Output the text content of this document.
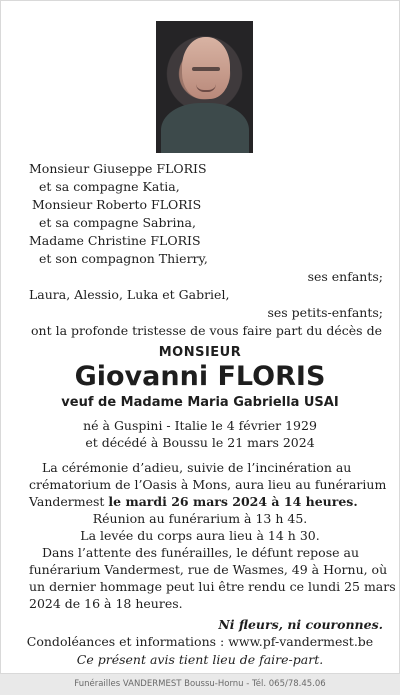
Monsieur Giuseppe FLORIS
et sa compagne Katia,
Monsieur Roberto FLORIS
et sa compagne Sabrina,
Madame Christine FLORIS
et son compagnon Thierry,
ses enfants;
Laura, Alessio, Luka et Gabriel,
ses petits-enfants;
ont la profonde tristesse de vous faire part du décès de
MONSIEUR
Giovanni FLORIS
veuf de Madame Maria Gabriella USAI
né à Guspini - Italie le 4 février 1929
et décédé à Boussu le 21 mars 2024
La cérémonie d’adieu, suivie de l’incinération au
crématorium de l’Oasis à Mons, aura lieu au funérarium
Vandermest le mardi 26 mars 2024 à 14 heures.
Réunion au funérarium à 13 h 45.
La levée du corps aura lieu à 14 h 30.
Dans l’attente des funérailles, le défunt repose au
funérarium Vandermest, rue de Wasmes, 49 à Hornu, où
un dernier hommage peut lui être rendu ce lundi 25 mars
2024 de 16 à 18 heures.
Ni fleurs, ni couronnes.
Condoléances et informations : www.pf-vandermest.be
Ce présent avis tient lieu de faire-part.
Funérailles VANDERMEST Boussu-Hornu - Tél. 065/78.45.06
